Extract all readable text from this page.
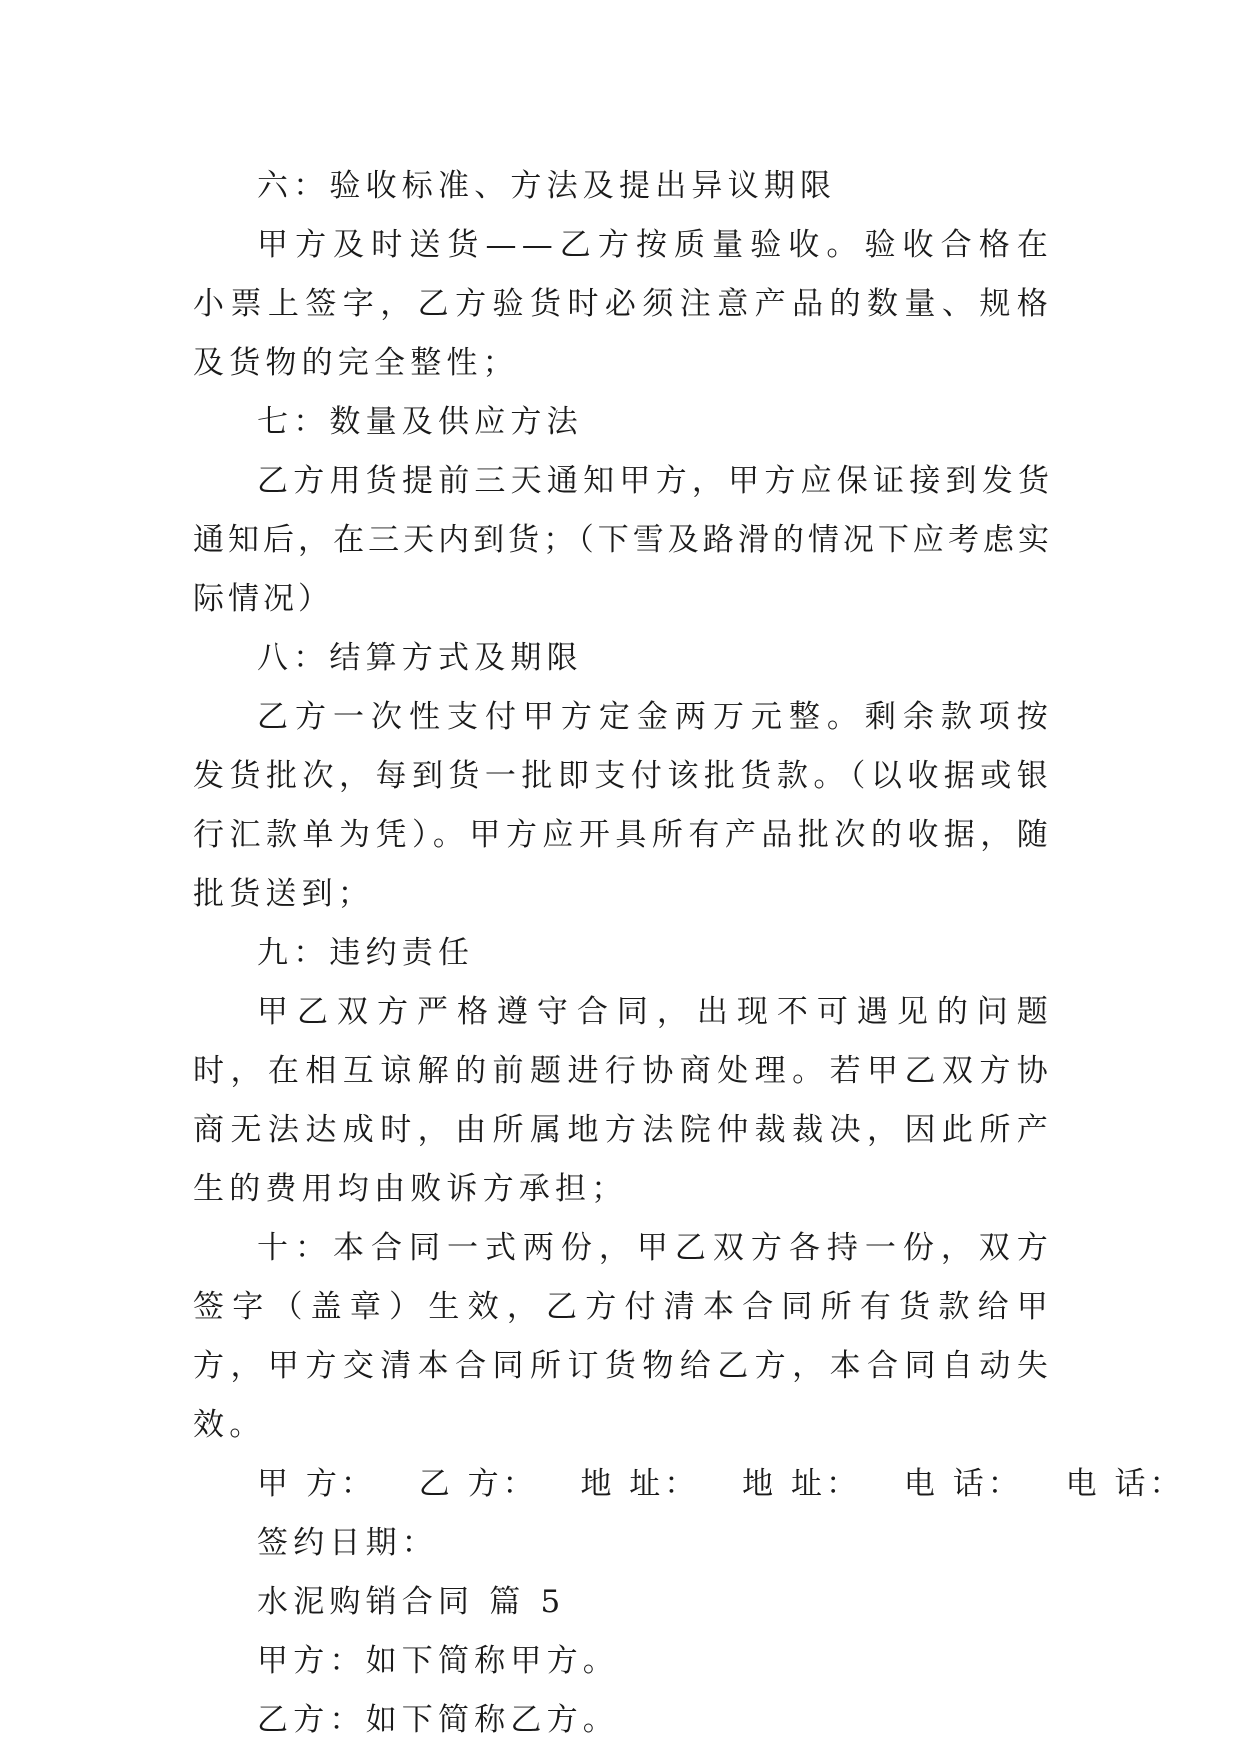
六：验收标准、方法及提出异议期限

甲方及时送货——乙方按质量验收。验收合格在小票上签字，乙方验货时必须注意产品的数量、规格及货物的完全整性；

七：数量及供应方法

乙方用货提前三天通知甲方，甲方应保证接到发货通知后，在三天内到货；（下雪及路滑的情况下应考虑实际情况）

八：结算方式及期限

乙方一次性支付甲方定金两万元整。剩余款项按发货批次，每到货一批即支付该批货款。（以收据或银行汇款单为凭）。甲方应开具所有产品批次的收据，随批货送到；

九：违约责任

甲乙双方严格遵守合同，出现不可遇见的问题时，在相互谅解的前题进行协商处理。若甲乙双方协商无法达成时，由所属地方法院仲裁裁决，因此所产生的费用均由败诉方承担；

十：本合同一式两份，甲乙双方各持一份，双方签字（盖章）生效，乙方付清本合同所有货款给甲方，甲方交清本合同所订货物给乙方，本合同自动失效。

甲 方： 乙 方： 地 址： 地 址： 电 话： 电 话：

签约日期：

水泥购销合同 篇 5

甲方：如下简称甲方。

乙方：如下简称乙方。
